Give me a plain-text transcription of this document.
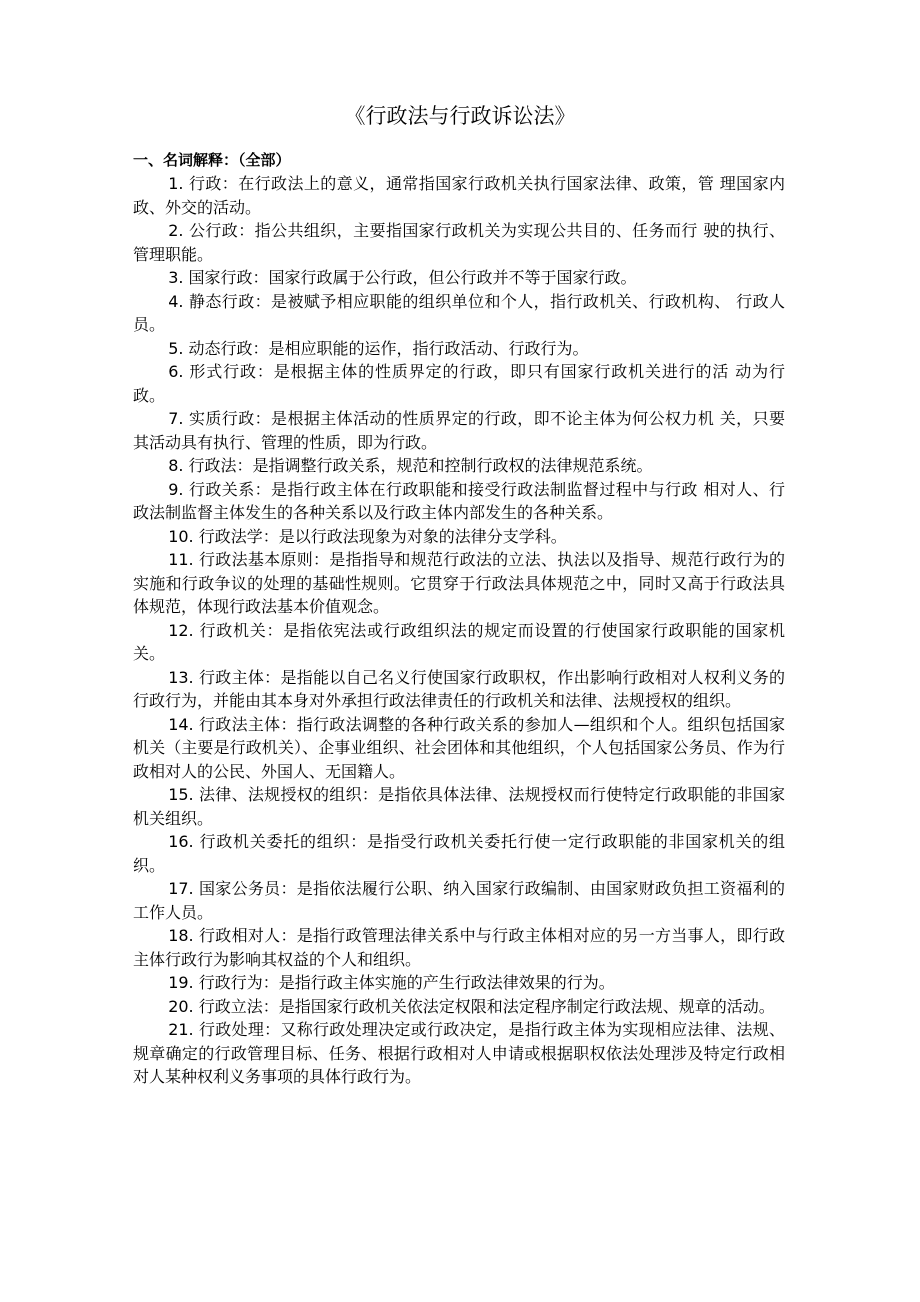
《行政法与行政诉讼法》
一、名词解释：（全部）

1. 行政：在行政法上的意义，通常指国家行政机关执行国家法律、政策，管 理国家内政、外交的活动。

2. 公行政：指公共组织，主要指国家行政机关为实现公共目的、任务而行 驶的执行、管理职能。

3. 国家行政：国家行政属于公行政，但公行政并不等于国家行政。

4. 静态行政：是被赋予相应职能的组织单位和个人，指行政机关、行政机构、 行政人员。

5. 动态行政：是相应职能的运作，指行政活动、行政行为。

6. 形式行政：是根据主体的性质界定的行政，即只有国家行政机关进行的活 动为行政。

7. 实质行政：是根据主体活动的性质界定的行政，即不论主体为何公权力机 关，只要其活动具有执行、管理的性质，即为行政。

8. 行政法：是指调整行政关系，规范和控制行政权的法律规范系统。

9. 行政关系：是指行政主体在行政职能和接受行政法制监督过程中与行政 相对人、行政法制监督主体发生的各种关系以及行政主体内部发生的各种关系。

10. 行政法学：是以行政法现象为对象的法律分支学科。

11. 行政法基本原则：是指指导和规范行政法的立法、执法以及指导、规范行政行为的实施和行政争议的处理的基础性规则。它贯穿于行政法具体规范之中，同时又高于行政法具体规范，体现行政法基本价值观念。

12. 行政机关：是指依宪法或行政组织法的规定而设置的行使国家行政职能的国家机关。

13. 行政主体：是指能以自己名义行使国家行政职权，作出影响行政相对人权利义务的行政行为，并能由其本身对外承担行政法律责任的行政机关和法律、法规授权的组织。

14. 行政法主体：指行政法调整的各种行政关系的参加人—组织和个人。组织包括国家机关（主要是行政机关）、企事业组织、社会团体和其他组织，个人包括国家公务员、作为行政相对人的公民、外国人、无国籍人。

15. 法律、法规授权的组织：是指依具体法律、法规授权而行使特定行政职能的非国家机关组织。

16. 行政机关委托的组织：是指受行政机关委托行使一定行政职能的非国家机关的组织。

17. 国家公务员：是指依法履行公职、纳入国家行政编制、由国家财政负担工资福利的工作人员。

18. 行政相对人：是指行政管理法律关系中与行政主体相对应的另一方当事人，即行政主体行政行为影响其权益的个人和组织。

19. 行政行为：是指行政主体实施的产生行政法律效果的行为。

20. 行政立法：是指国家行政机关依法定权限和法定程序制定行政法规、规章的活动。

21. 行政处理：又称行政处理决定或行政决定，是指行政主体为实现相应法律、法规、规章确定的行政管理目标、任务、根据行政相对人申请或根据职权依法处理涉及特定行政相对人某种权利义务事项的具体行政行为。
